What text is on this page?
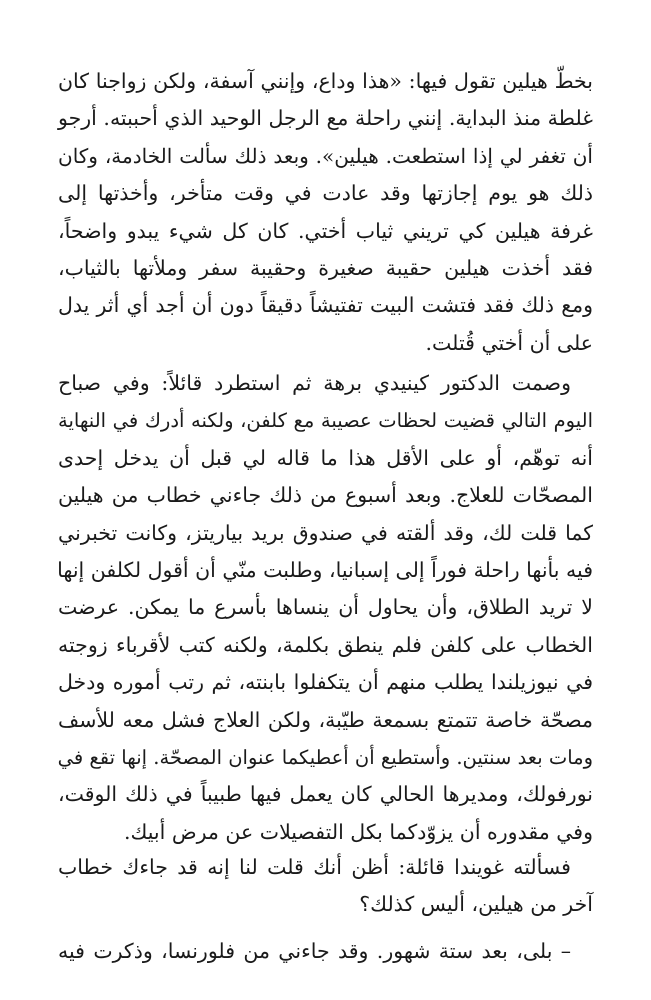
بخطّ هيلين تقول فيها: «هذا وداع، وإنني آسفة، ولكن زواجنا كان
غلطة منذ البداية. إنني راحلة مع الرجل الوحيد الذي أحببته. أرجو
أن تغفر لي إذا استطعت. هيلين». وبعد ذلك سألت الخادمة، وكان
ذلك هو يوم إجازتها وقد عادت في وقت متأخر، وأخذتها إلى
غرفة هيلين كي تريني ثياب أختي. كان كل شيء يبدو واضحاً،
فقد أخذت هيلين حقيبة صغيرة وحقيبة سفر وملأتها بالثياب،
ومع ذلك فقد فتشت البيت تفتيشاً دقيقاً دون أن أجد أي أثر يدل
على أن أختي قُتلت.
وصمت الدكتور كينيدي برهة ثم استطرد قائلاً: وفي صباح
اليوم التالي قضيت لحظات عصيبة مع كلفن، ولكنه أدرك في النهاية
أنه توهّم، أو على الأقل هذا ما قاله لي قبل أن يدخل إحدى
المصحّات للعلاج. وبعد أسبوع من ذلك جاءني خطاب من هيلين
كما قلت لك، وقد ألقته في صندوق بريد بياريتز، وكانت تخبرني
فيه بأنها راحلة فوراً إلى إسبانيا، وطلبت منّي أن أقول لكلفن إنها
لا تريد الطلاق، وأن يحاول أن ينساها بأسرع ما يمكن. عرضت
الخطاب على كلفن فلم ينطق بكلمة، ولكنه كتب لأقرباء زوجته
في نيوزيلندا يطلب منهم أن يتكفلوا بابنته، ثم رتب أموره ودخل
مصحّة خاصة تتمتع بسمعة طيّبة، ولكن العلاج فشل معه للأسف
ومات بعد سنتين. وأستطيع أن أعطيكما عنوان المصحّة. إنها تقع في
نورفولك، ومديرها الحالي كان يعمل فيها طبيباً في ذلك الوقت،
وفي مقدوره أن يزوّدكما بكل التفصيلات عن مرض أبيك.
فسألته غويندا قائلة: أظن أنك قلت لنا إنه قد جاءك خطاب
آخر من هيلين، أليس كذلك؟
– بلى، بعد ستة شهور. وقد جاءني من فلورنسا، وذكرت فيه
